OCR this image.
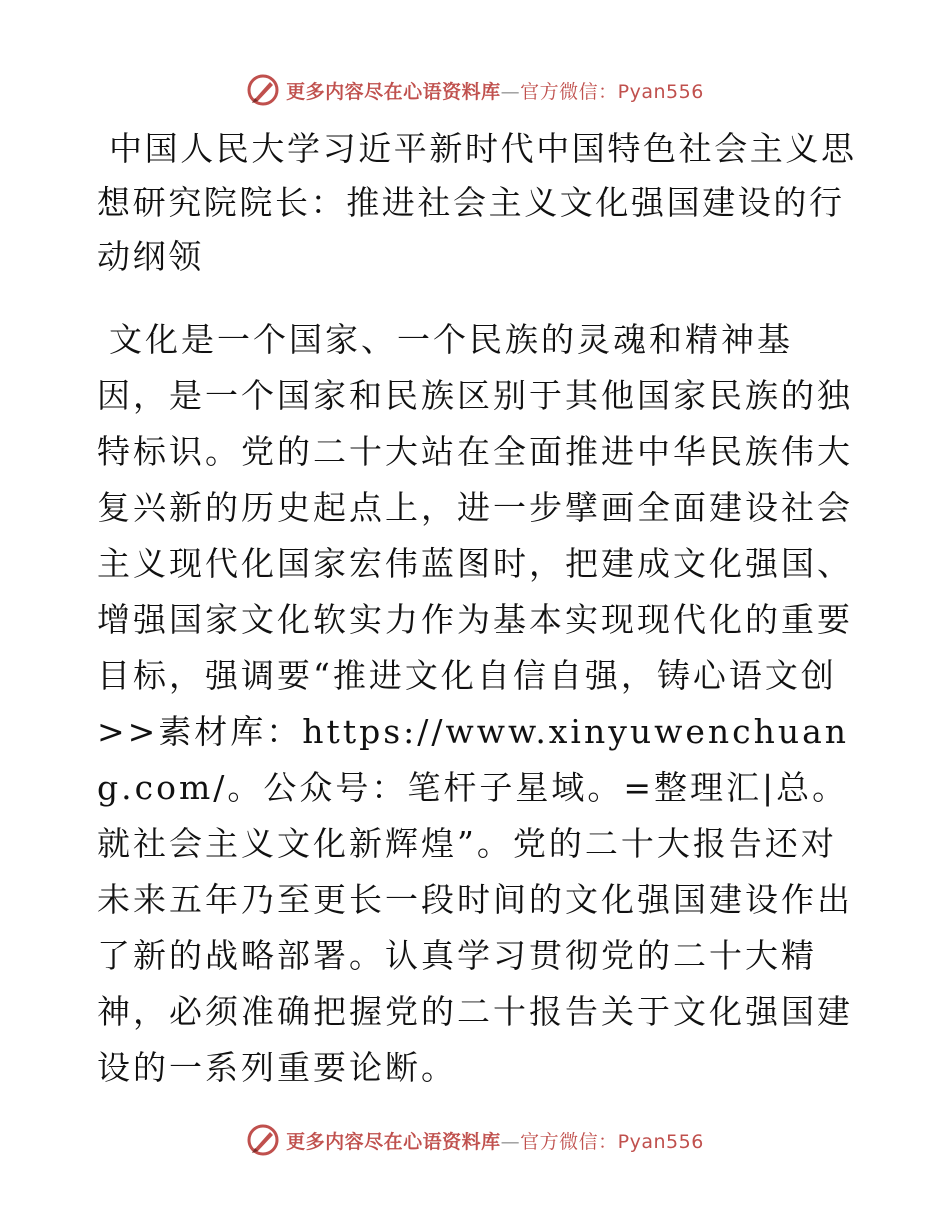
更多内容尽在心语资料库—官方微信：Pyan556
中国人民大学习近平新时代中国特色社会主义思想研究院院长：推进社会主义文化强国建设的行动纲领

文化是一个国家、一个民族的灵魂和精神基因，是一个国家和民族区别于其他国家民族的独特标识。党的二十大站在全面推进中华民族伟大复兴新的历史起点上，进一步擘画全面建设社会主义现代化国家宏伟蓝图时，把建成文化强国、增强国家文化软实力作为基本实现现代化的重要目标，强调要“推进文化自信自强，铸心语文创>>素材库：https://www.xinyuwenchuang.com/。公众号：笔杆子星域。=整理汇|总。就社会主义文化新辉煌”。党的二十大报告还对未来五年乃至更长一段时间的文化强国建设作出了新的战略部署。认真学习贯彻党的二十大精神，必须准确把握党的二十报告关于文化强国建设的一系列重要论断。

更多内容尽在心语资料库—官方微信：Pyan556
